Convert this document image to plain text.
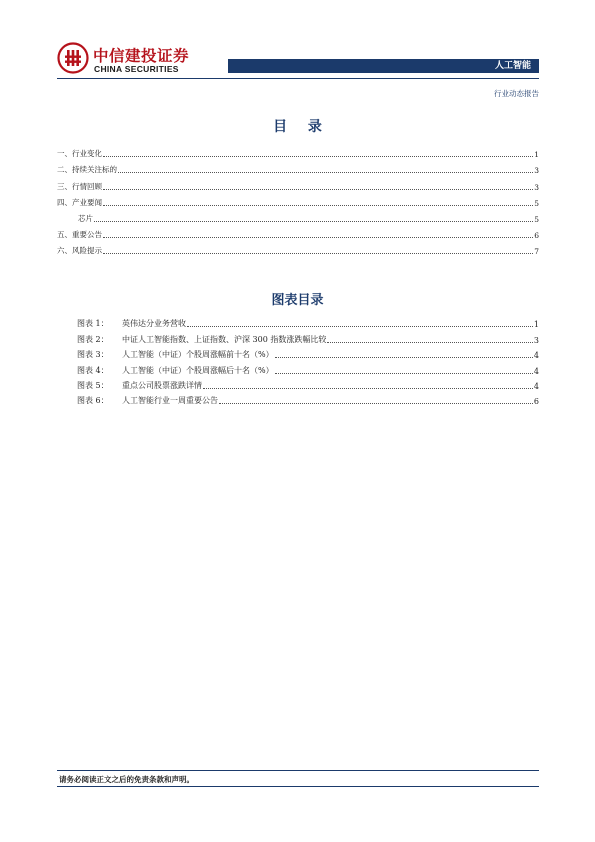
中信建投证券
CHINA SECURITIES	人工智能
行业动态报告
目 录
一、行业变化	1
二、持续关注标的	3
三、行情回顾	3
四、产业要闻	5
芯片	5
五、重要公告	6
六、风险提示	7
图表目录
图表 1：	英伟达分业务营收	1
图表 2：	中证人工智能指数、上证指数、沪深 300 指数涨跌幅比较	3
图表 3：	人工智能（中证）个股周涨幅前十名（%）	4
图表 4：	人工智能（中证）个股周涨幅后十名（%）	4
图表 5：	重点公司股票涨跌详情	4
图表 6：	人工智能行业一周重要公告	6
请务必阅读正文之后的免责条款和声明。
